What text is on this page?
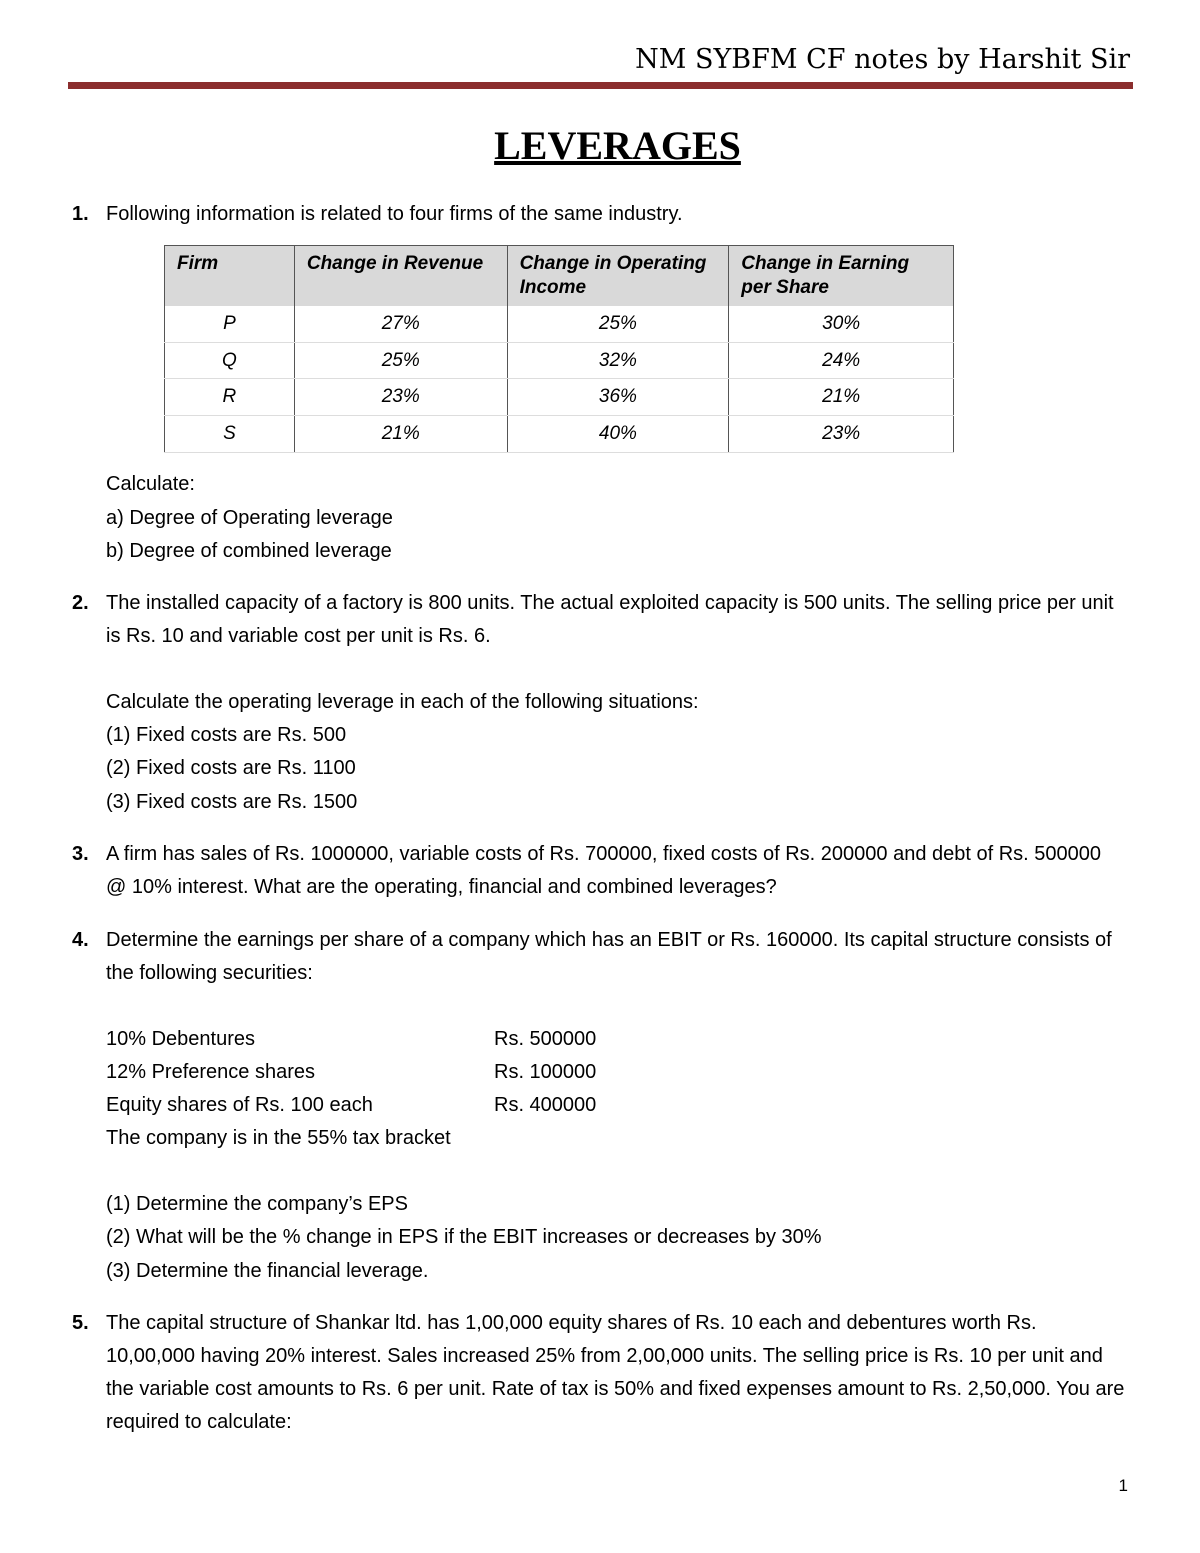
NM SYBFM CF notes by Harshit Sir
LEVERAGES
1. Following information is related to four firms of the same industry.
Firm	Change in Revenue	Change in Operating Income	Change in Earning per Share
P	27%	25%	30%
Q	25%	32%	24%
R	23%	36%	21%
S	21%	40%	23%
Calculate:
a) Degree of Operating leverage
b) Degree of combined leverage
2. The installed capacity of a factory is 800 units. The actual exploited capacity is 500 units. The selling price per unit is Rs. 10 and variable cost per unit is Rs. 6.
Calculate the operating leverage in each of the following situations:
(1) Fixed costs are Rs. 500
(2) Fixed costs are Rs. 1100
(3) Fixed costs are Rs. 1500
3. A firm has sales of Rs. 1000000, variable costs of Rs. 700000, fixed costs of Rs. 200000 and debt of Rs. 500000 @ 10% interest. What are the operating, financial and combined leverages?
4. Determine the earnings per share of a company which has an EBIT or Rs. 160000. Its capital structure consists of the following securities:
10% Debentures	Rs. 500000
12% Preference shares	Rs. 100000
Equity shares of Rs. 100 each	Rs. 400000
The company is in the 55% tax bracket
(1) Determine the company’s EPS
(2) What will be the % change in EPS if the EBIT increases or decreases by 30%
(3) Determine the financial leverage.
5. The capital structure of Shankar ltd. has 1,00,000 equity shares of Rs. 10 each and debentures worth Rs. 10,00,000 having 20% interest. Sales increased 25% from 2,00,000 units. The selling price is Rs. 10 per unit and the variable cost amounts to Rs. 6 per unit. Rate of tax is 50% and fixed expenses amount to Rs. 2,50,000. You are required to calculate:
1
